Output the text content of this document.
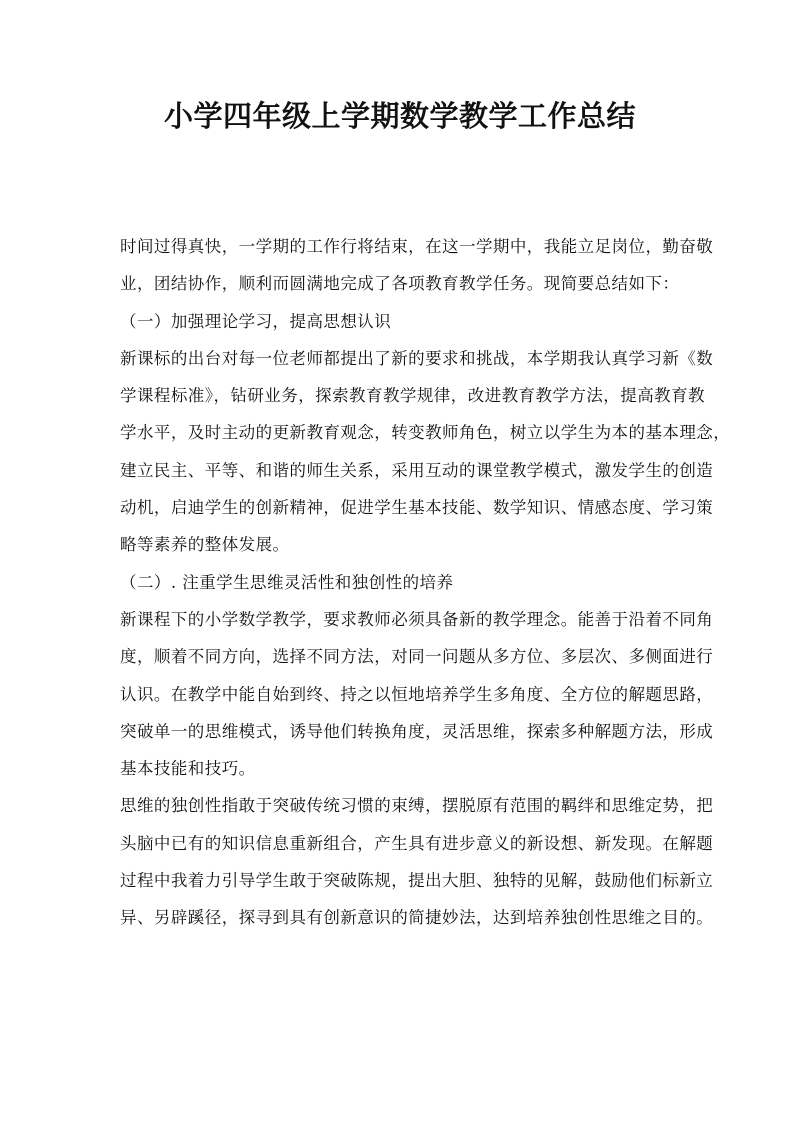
小学四年级上学期数学教学工作总结
时间过得真快，一学期的工作行将结束，在这一学期中，我能立足岗位，勤奋敬
业，团结协作，顺利而圆满地完成了各项教育教学任务。现简要总结如下：
（一）加强理论学习，提高思想认识
新课标的出台对每一位老师都提出了新的要求和挑战，本学期我认真学习新《数
学课程标准》，钻研业务，探索教育教学规律，改进教育教学方法，提高教育教
学水平，及时主动的更新教育观念，转变教师角色，树立以学生为本的基本理念，
建立民主、平等、和谐的师生关系，采用互动的课堂教学模式，激发学生的创造
动机，启迪学生的创新精神，促进学生基本技能、数学知识、情感态度、学习策
略等素养的整体发展。
（二）. 注重学生思维灵活性和独创性的培养
新课程下的小学数学教学，要求教师必须具备新的教学理念。能善于沿着不同角
度，顺着不同方向，选择不同方法，对同一问题从多方位、多层次、多侧面进行
认识。在教学中能自始到终、持之以恒地培养学生多角度、全方位的解题思路，
突破单一的思维模式，诱导他们转换角度，灵活思维，探索多种解题方法，形成
基本技能和技巧。
思维的独创性指敢于突破传统习惯的束缚，摆脱原有范围的羁绊和思维定势，把
头脑中已有的知识信息重新组合，产生具有进步意义的新设想、新发现。在解题
过程中我着力引导学生敢于突破陈规，提出大胆、独特的见解，鼓励他们标新立
异、另辟蹊径，探寻到具有创新意识的简捷妙法，达到培养独创性思维之目的。
